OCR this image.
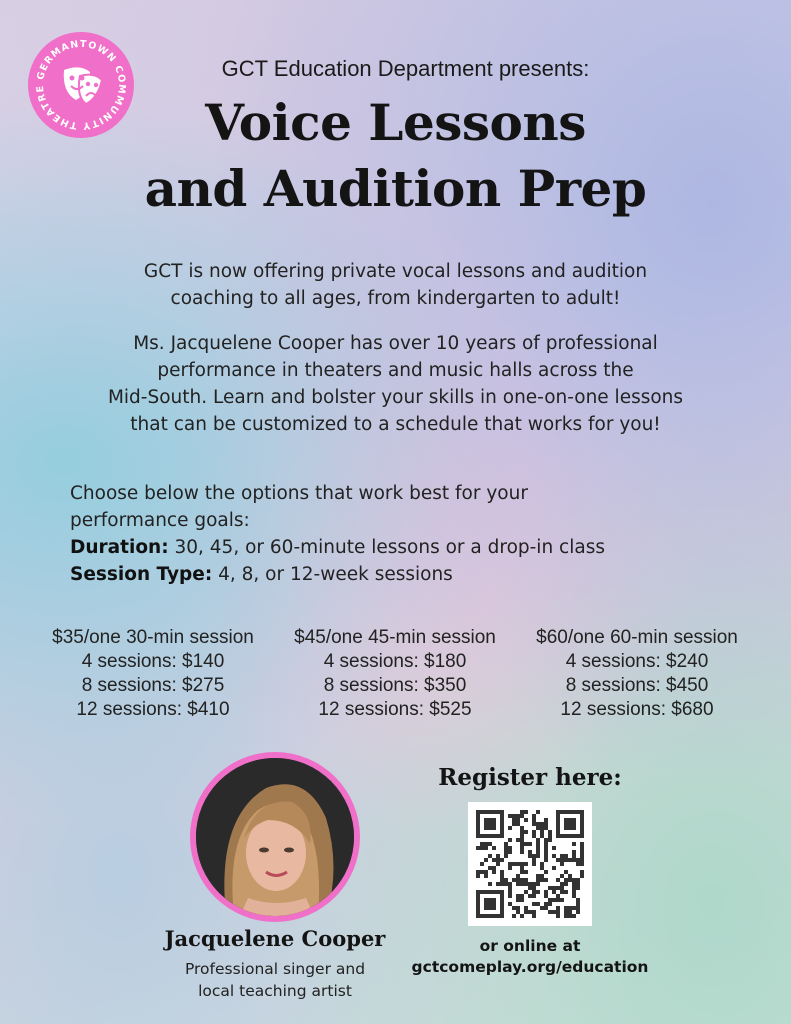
GERMANTOWN COMMUNITY THEATRE
GCT Education Department presents:
Voice Lessons
and Audition Prep
GCT is now offering private vocal lessons and audition
coaching to all ages, from kindergarten to adult!
Ms. Jacquelene Cooper has over 10 years of professional
performance in theaters and music halls across the
Mid-South. Learn and bolster your skills in one-on-one lessons
that can be customized to a schedule that works for you!
Choose below the options that work best for your
performance goals:
Duration: 30, 45, or 60-minute lessons or a drop-in class
Session Type: 4, 8, or 12-week sessions
$35/one 30-min session
4 sessions: $140
8 sessions: $275
12 sessions: $410
$45/one 45-min session
4 sessions: $180
8 sessions: $350
12 sessions: $525
$60/one 60-min session
4 sessions: $240
8 sessions: $450
12 sessions: $680
Jacquelene Cooper
Professional singer and
local teaching artist
Register here:
or online at
gctcomeplay.org/education
